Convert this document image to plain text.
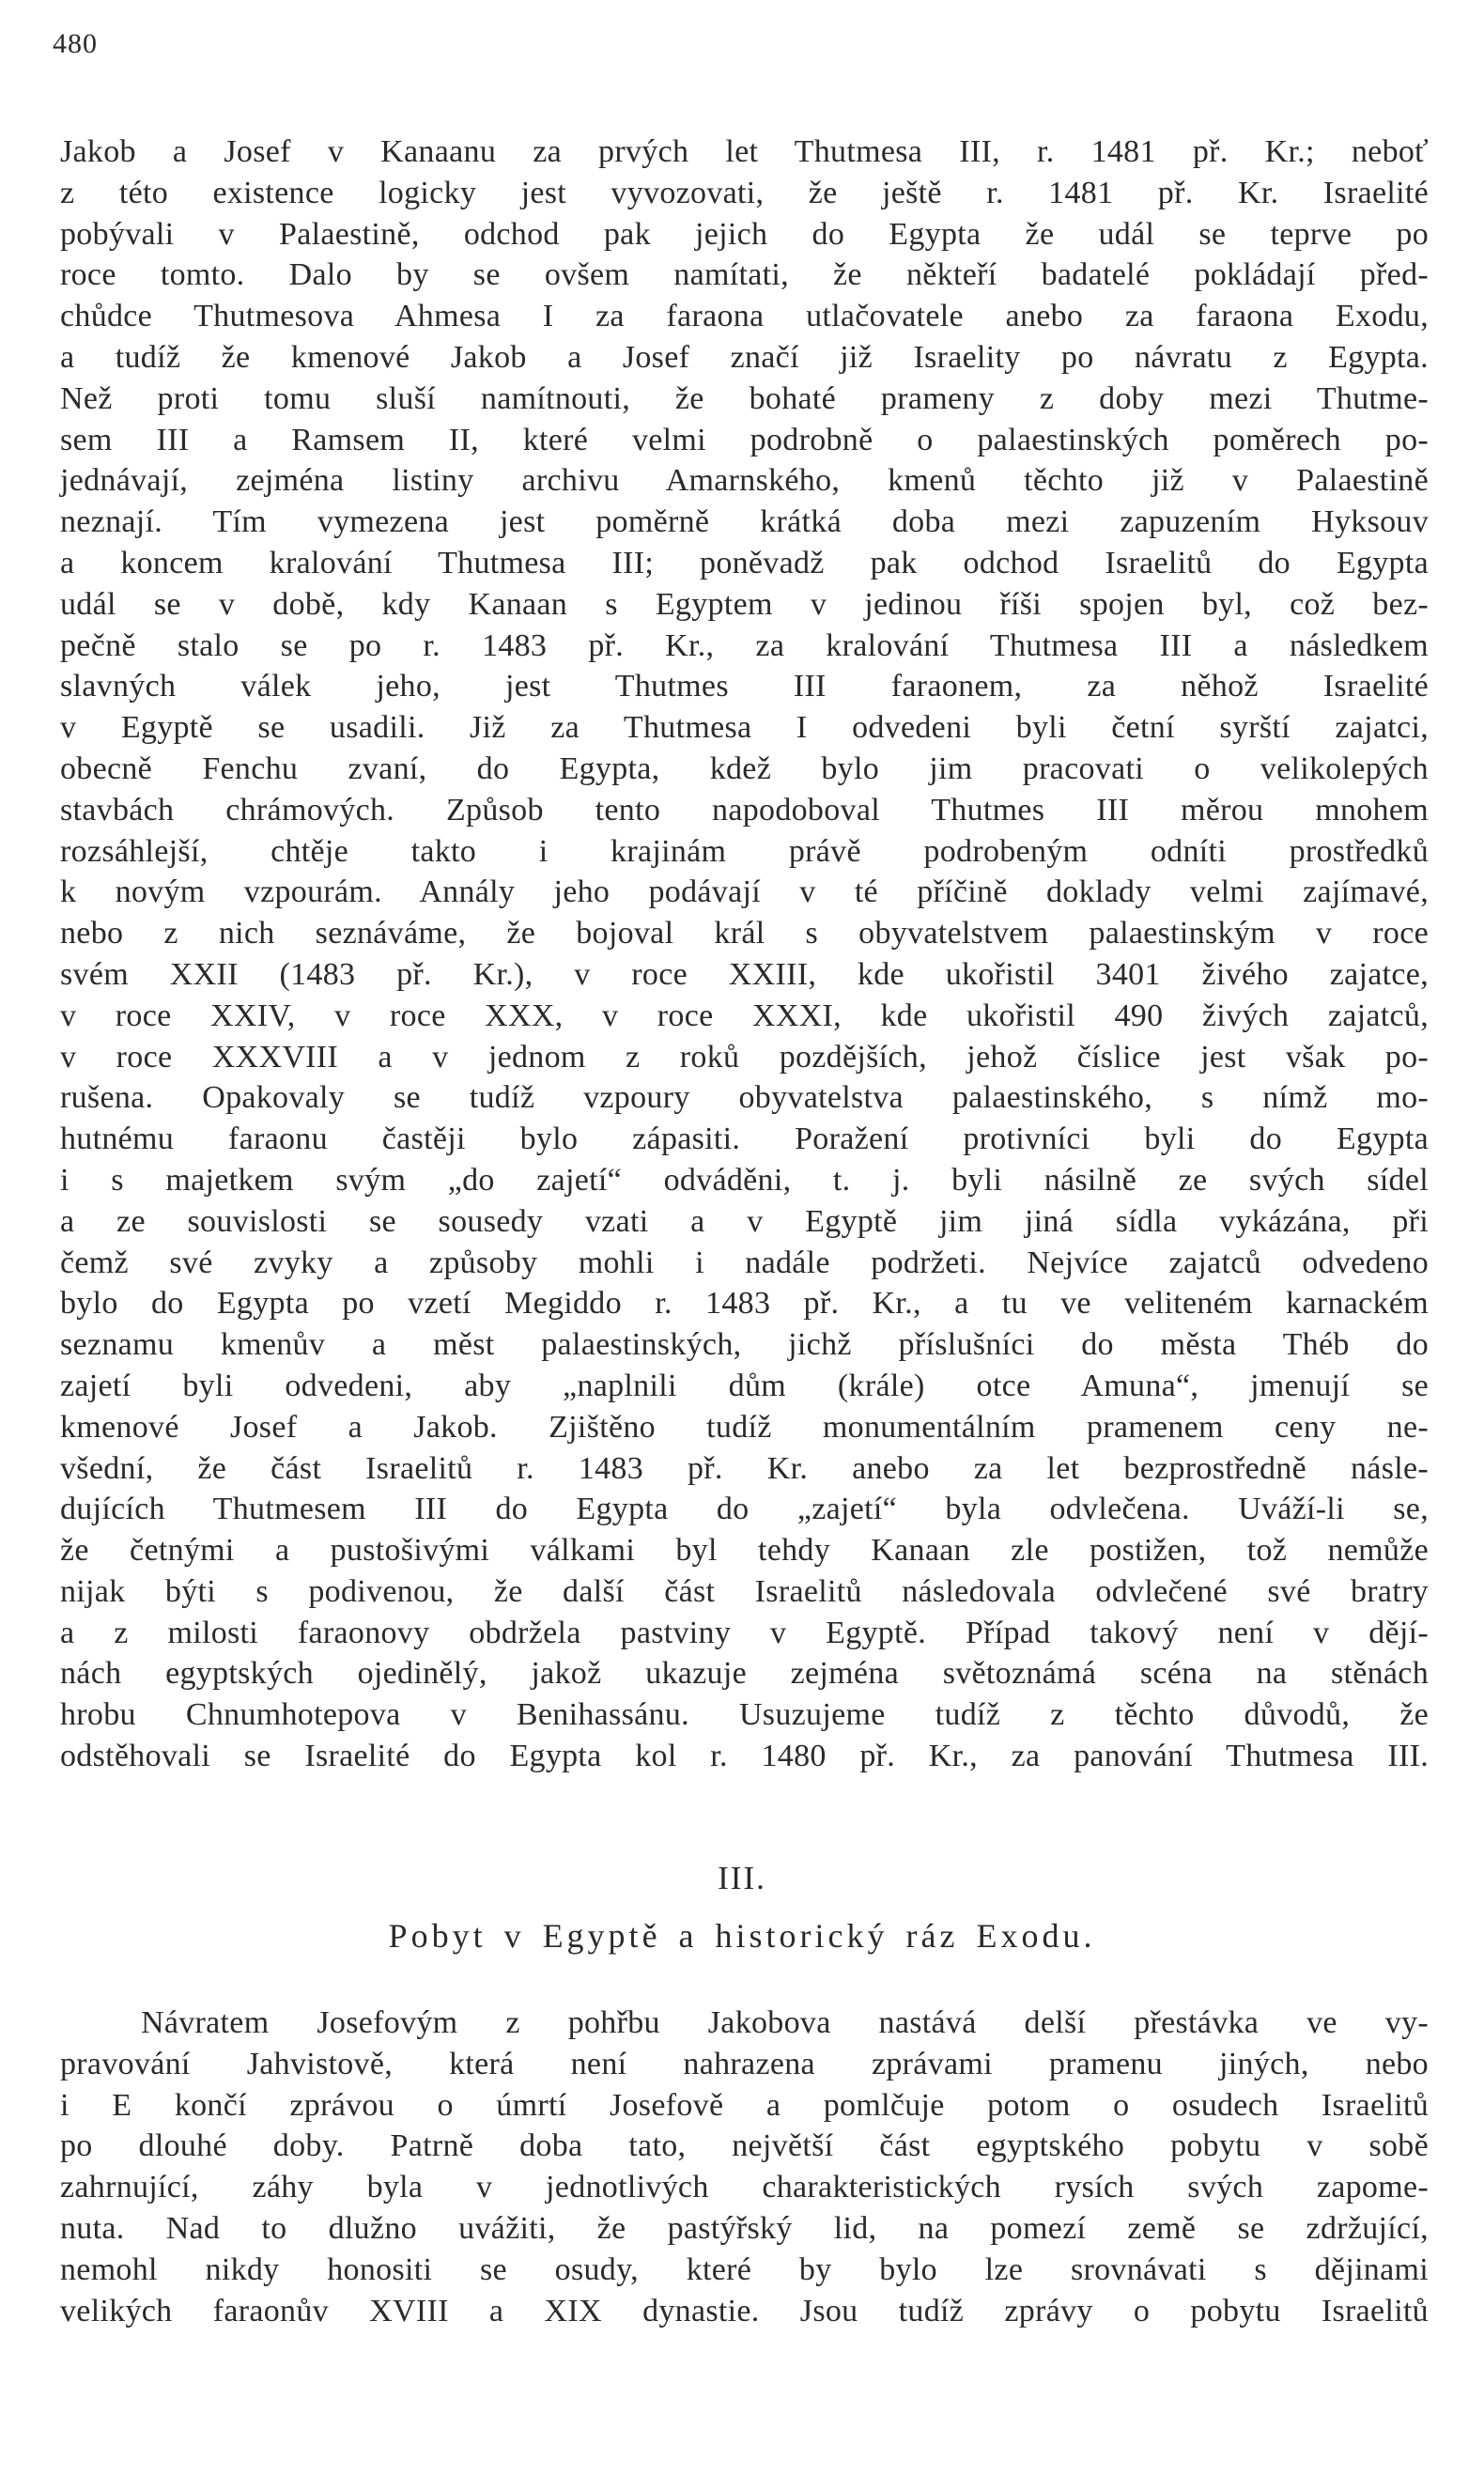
480
Jakob a Josef v Kanaanu za prvých let Thutmesa III, r. 1481 př. Kr.; neboť
z této existence logicky jest vyvozovati, že ještě r. 1481 př. Kr. Israelité
pobývali v Palaestině, odchod pak jejich do Egypta že udál se teprve po
roce tomto. Dalo by se ovšem namítati, že někteří badatelé pokládají před-
chůdce Thutmesova Ahmesa I za faraona utlačovatele anebo za faraona Exodu,
a tudíž že kmenové Jakob a Josef značí již Israelity po návratu z Egypta.
Než proti tomu sluší namítnouti, že bohaté prameny z doby mezi Thutme-
sem III a Ramsem II, které velmi podrobně o palaestinských poměrech po-
jednávají, zejména listiny archivu Amarnského, kmenů těchto již v Palaestině
neznají. Tím vymezena jest poměrně krátká doba mezi zapuzením Hyksouv
a koncem kralování Thutmesa III; poněvadž pak odchod Israelitů do Egypta
udál se v době, kdy Kanaan s Egyptem v jedinou říši spojen byl, což bez-
pečně stalo se po r. 1483 př. Kr., za kralování Thutmesa III a následkem
slavných válek jeho, jest Thutmes III faraonem, za něhož Israelité
v Egyptě se usadili. Již za Thutmesa I odvedeni byli četní syrští zajatci,
obecně Fenchu zvaní, do Egypta, kdež bylo jim pracovati o velikolepých
stavbách chrámových. Způsob tento napodoboval Thutmes III měrou mnohem
rozsáhlejší, chtěje takto i krajinám právě podrobeným odníti prostředků
k novým vzpourám. Annály jeho podávají v té příčině doklady velmi zajímavé,
nebo z nich seznáváme, že bojoval král s obyvatelstvem palaestinským v roce
svém XXII (1483 př. Kr.), v roce XXIII, kde ukořistil 3401 živého zajatce,
v roce XXIV, v roce XXX, v roce XXXI, kde ukořistil 490 živých zajatců,
v roce XXXVIII a v jednom z roků pozdějších, jehož číslice jest však po-
rušena. Opakovaly se tudíž vzpoury obyvatelstva palaestinského, s nímž mo-
hutnému faraonu častěji bylo zápasiti. Poražení protivníci byli do Egypta
i s majetkem svým „do zajetí“ odváděni, t. j. byli násilně ze svých sídel
a ze souvislosti se sousedy vzati a v Egyptě jim jiná sídla vykázána, při
čemž své zvyky a způsoby mohli i nadále podržeti. Nejvíce zajatců odvedeno
bylo do Egypta po vzetí Megiddo r. 1483 př. Kr., a tu ve veliteném karnackém
seznamu kmenův a měst palaestinských, jichž příslušníci do města Théb do
zajetí byli odvedeni, aby „naplnili dům (krále) otce Amuna“, jmenují se
kmenové Josef a Jakob. Zjištěno tudíž monumentálním pramenem ceny ne-
všední, že část Israelitů r. 1483 př. Kr. anebo za let bezprostředně násle-
dujících Thutmesem III do Egypta do „zajetí“ byla odvlečena. Uváží-li se,
že četnými a pustošivými válkami byl tehdy Kanaan zle postižen, tož nemůže
nijak býti s podivenou, že další část Israelitů následovala odvlečené své bratry
a z milosti faraonovy obdržela pastviny v Egyptě. Případ takový není v dějí-
nách egyptských ojedinělý, jakož ukazuje zejména světoznámá scéna na stěnách
hrobu Chnumhotepova v Benihassánu. Usuzujeme tudíž z těchto důvodů, že
odstěhovali se Israelité do Egypta kol r. 1480 př. Kr., za panování Thutmesa III.
III.
Pobyt v Egyptě a historický ráz Exodu.
Návratem Josefovým z pohřbu Jakobova nastává delší přestávka ve vy-
pravování Jahvistově, která není nahrazena zprávami pramenu jiných, nebo
i E končí zprávou o úmrtí Josefově a pomlčuje potom o osudech Israelitů
po dlouhé doby. Patrně doba tato, největší část egyptského pobytu v sobě
zahrnující, záhy byla v jednotlivých charakteristických rysích svých zapome-
nuta. Nad to dlužno uvážiti, že pastýřský lid, na pomezí země se zdržující,
nemohl nikdy honositi se osudy, které by bylo lze srovnávati s dějinami
velikých faraonův XVIII a XIX dynastie. Jsou tudíž zprávy o pobytu Israelitů
